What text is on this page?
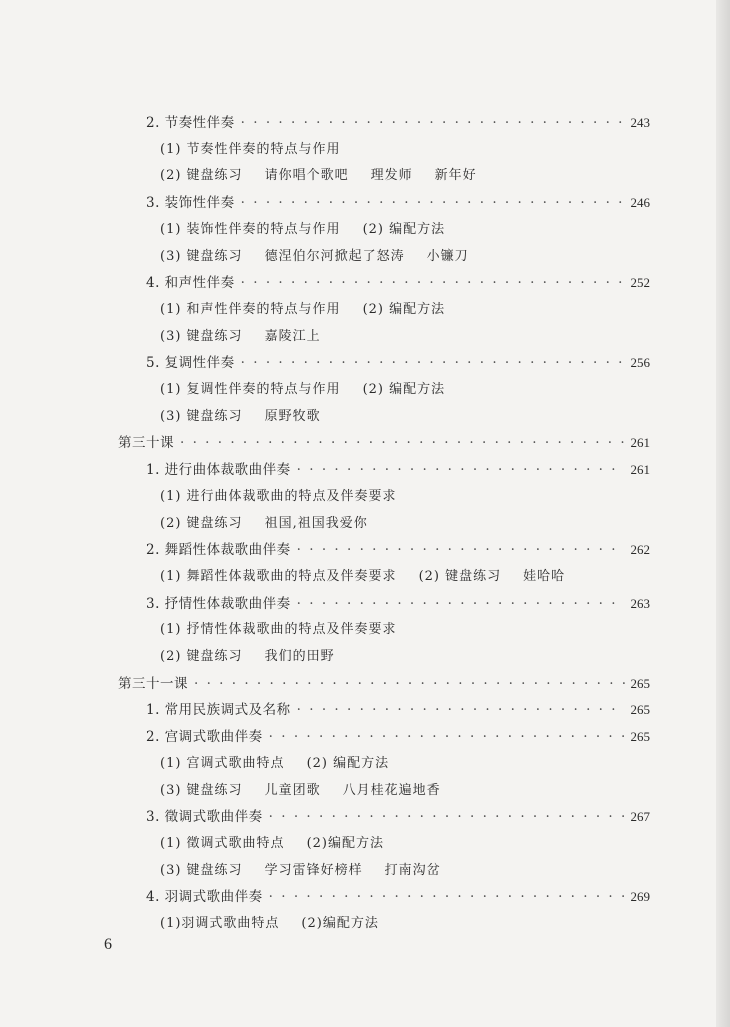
2. 节奏性伴奏 · · ·	243
(1) 节奏性伴奏的特点与作用
(2) 键盘练习 请你唱个歌吧 理发师 新年好
3. 装饰性伴奏 · · ·	246
(1) 装饰性伴奏的特点与作用 (2) 编配方法
(3) 键盘练习 德涅伯尔河掀起了怒涛 小镰刀
4. 和声性伴奏 · · ·	252
(1) 和声性伴奏的特点与作用 (2) 编配方法
(3) 键盘练习 嘉陵江上
5. 复调性伴奏 · · ·	256
(1) 复调性伴奏的特点与作用 (2) 编配方法
(3) 键盘练习 原野牧歌
第三十课 · · ·	261
1. 进行曲体裁歌曲伴奏 · · ·	261
(1) 进行曲体裁歌曲的特点及伴奏要求
(2) 键盘练习 祖国,祖国我爱你
2. 舞蹈性体裁歌曲伴奏 · · ·	262
(1) 舞蹈性体裁歌曲的特点及伴奏要求 (2) 键盘练习 娃哈哈
3. 抒情性体裁歌曲伴奏 · · ·	263
(1) 抒情性体裁歌曲的特点及伴奏要求
(2) 键盘练习 我们的田野
第三十一课 · · ·	265
1. 常用民族调式及名称 · · ·	265
2. 宫调式歌曲伴奏 · · ·	265
(1) 宫调式歌曲特点 (2) 编配方法
(3) 键盘练习 儿童团歌 八月桂花遍地香
3. 徵调式歌曲伴奏 · · ·	267
(1) 徵调式歌曲特点 (2)编配方法
(3) 键盘练习 学习雷锋好榜样 打南沟岔
4. 羽调式歌曲伴奏 · · ·	269
(1)羽调式歌曲特点 (2)编配方法
6
